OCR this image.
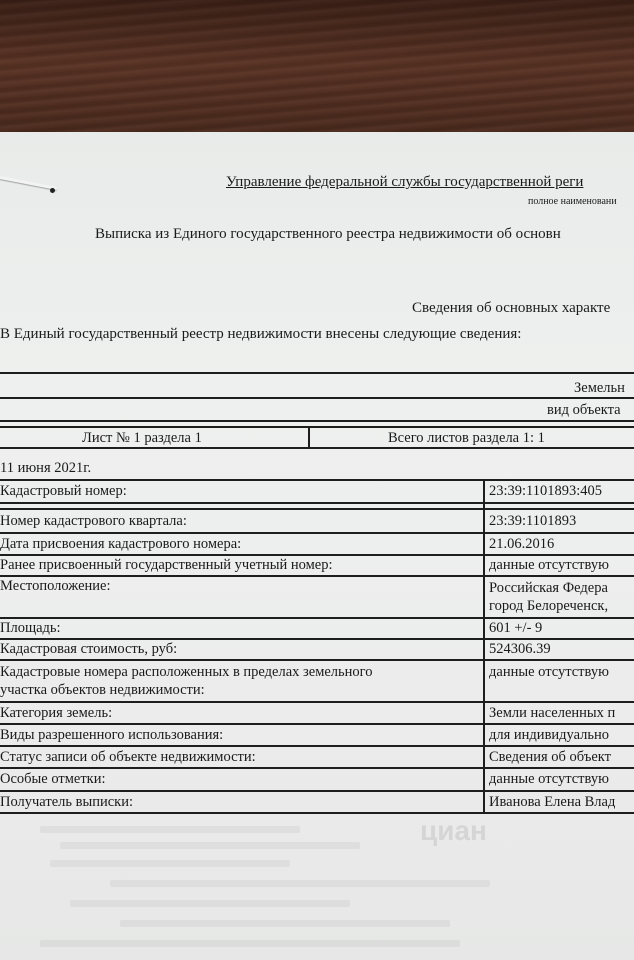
Управление федеральной службы государственной реги
полное наименовани
Выписка из Единого государственного реестра недвижимости об основн
Сведения об основных характе
В Единый государственный реестр недвижимости внесены следующие сведения:
Земельн
вид объекта
Лист № 1 раздела 1	Всего листов раздела 1: 1
11 июня 2021г.
Кадастровый номер:	23:39:1101893:405
Номер кадастрового квартала:	23:39:1101893
Дата присвоения кадастрового номера:	21.06.2016
Ранее присвоенный государственный учетный номер:	данные отсутствую
Местоположение:	Российская Федера
город Белореченск,
Площадь:	601 +/- 9
Кадастровая стоимость, руб:	524306.39
Кадастровые номера расположенных в пределах земельного
участка объектов недвижимости:
данные отсутствую
Категория земель:	Земли населенных п
Виды разрешенного использования:	для индивидуально
Статус записи об объекте недвижимости:	Сведения об объект
Особые отметки:	данные отсутствую
Получатель выписки:	Иванова Елена Влад
циан
